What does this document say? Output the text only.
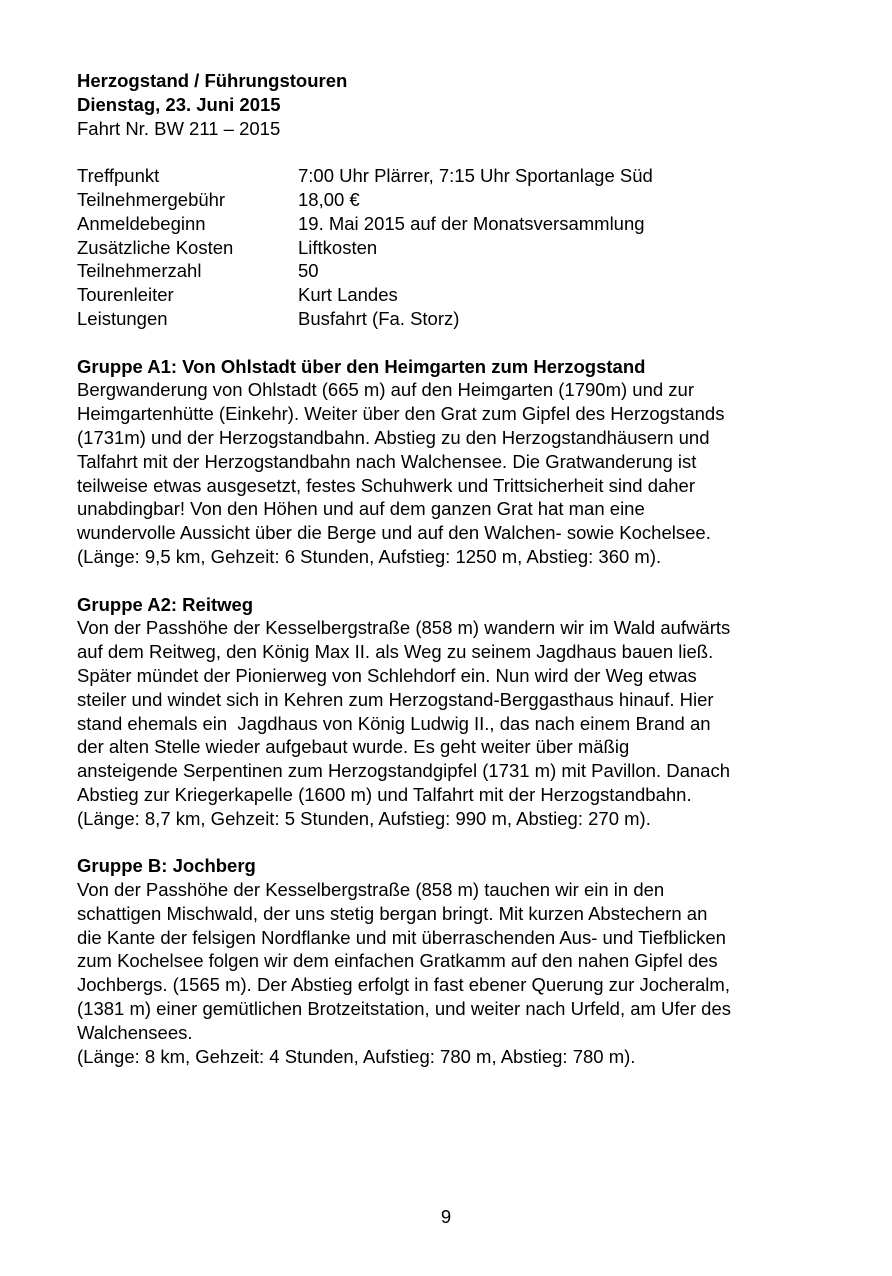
Herzogstand / Führungstouren
Dienstag, 23. Juni 2015
Fahrt Nr. BW 211 – 2015
Treffpunkt	7:00 Uhr Plärrer, 7:15 Uhr Sportanlage Süd
Teilnehmergebühr	18,00 €
Anmeldebeginn	19. Mai 2015 auf der Monatsversammlung
Zusätzliche Kosten	Liftkosten
Teilnehmerzahl	50
Tourenleiter	Kurt Landes
Leistungen	Busfahrt (Fa. Storz)
Gruppe A1: Von Ohlstadt über den Heimgarten zum Herzogstand
Bergwanderung von Ohlstadt (665 m) auf den Heimgarten (1790m) und zur
Heimgartenhütte (Einkehr). Weiter über den Grat zum Gipfel des Herzogstands
(1731m) und der Herzogstandbahn. Abstieg zu den Herzogstandhäusern und
Talfahrt mit der Herzogstandbahn nach Walchensee. Die Gratwanderung ist
teilweise etwas ausgesetzt, festes Schuhwerk und Trittsicherheit sind daher
unabdingbar! Von den Höhen und auf dem ganzen Grat hat man eine
wundervolle Aussicht über die Berge und auf den Walchen- sowie Kochelsee.
(Länge: 9,5 km, Gehzeit: 6 Stunden, Aufstieg: 1250 m, Abstieg: 360 m).
Gruppe A2: Reitweg
Von der Passhöhe der Kesselbergstraße (858 m) wandern wir im Wald aufwärts
auf dem Reitweg, den König Max II. als Weg zu seinem Jagdhaus bauen ließ.
Später mündet der Pionierweg von Schlehdorf ein. Nun wird der Weg etwas
steiler und windet sich in Kehren zum Herzogstand-Berggasthaus hinauf. Hier
stand ehemals ein  Jagdhaus von König Ludwig II., das nach einem Brand an
der alten Stelle wieder aufgebaut wurde. Es geht weiter über mäßig
ansteigende Serpentinen zum Herzogstandgipfel (1731 m) mit Pavillon. Danach
Abstieg zur Kriegerkapelle (1600 m) und Talfahrt mit der Herzogstandbahn.
(Länge: 8,7 km, Gehzeit: 5 Stunden, Aufstieg: 990 m, Abstieg: 270 m).
Gruppe B: Jochberg
Von der Passhöhe der Kesselbergstraße (858 m) tauchen wir ein in den
schattigen Mischwald, der uns stetig bergan bringt. Mit kurzen Abstechern an
die Kante der felsigen Nordflanke und mit überraschenden Aus- und Tiefblicken
zum Kochelsee folgen wir dem einfachen Gratkamm auf den nahen Gipfel des
Jochbergs. (1565 m). Der Abstieg erfolgt in fast ebener Querung zur Jocheralm,
(1381 m) einer gemütlichen Brotzeitstation, und weiter nach Urfeld, am Ufer des
Walchensees.
(Länge: 8 km, Gehzeit: 4 Stunden, Aufstieg: 780 m, Abstieg: 780 m).
9
